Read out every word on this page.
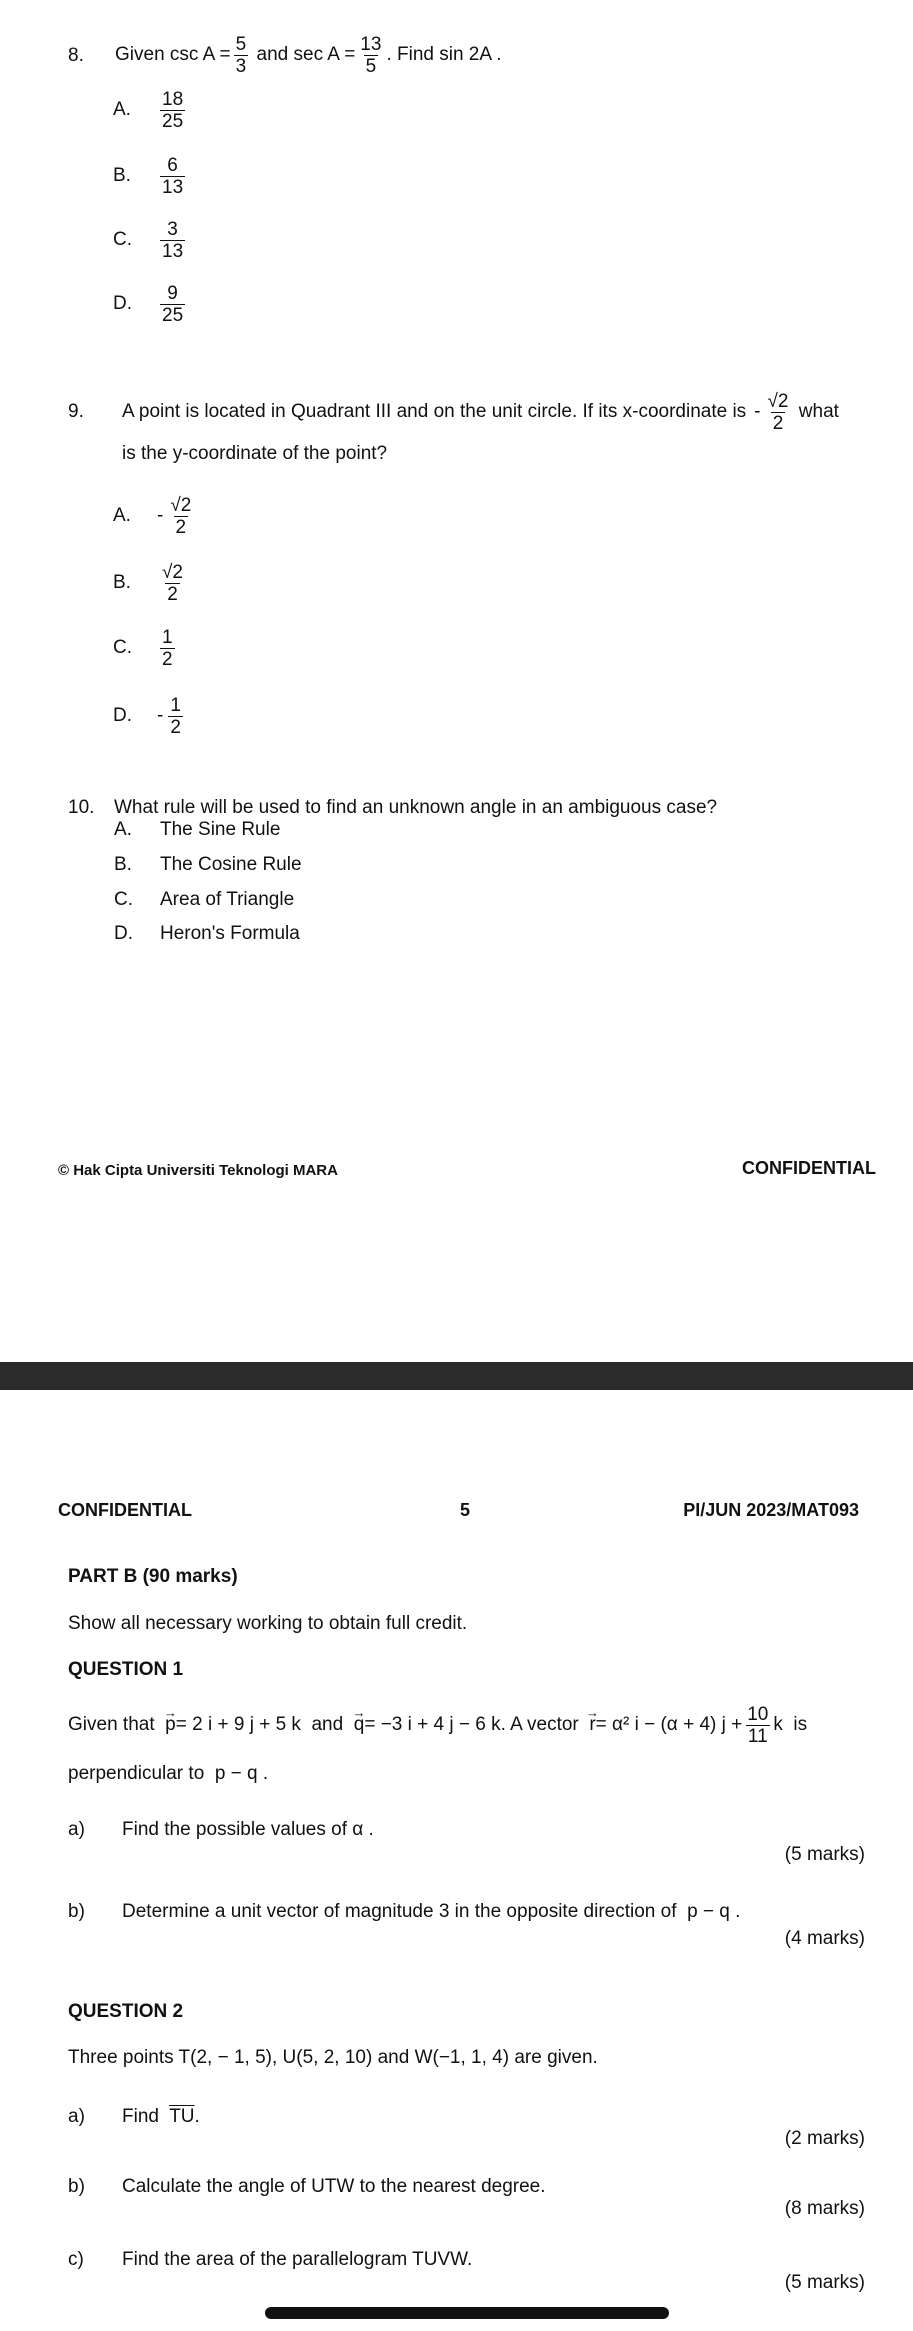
8. Given
$\csc A = \frac{5}{3}$
and
$\sec A = \frac{13}{5}$ . Find sin 2A .
A.	$\frac{18}{25}$
B.	$\frac{6}{13}$
C.	$\frac{3}{13}$
D.	$\frac{9}{25}$
9. A point is located in Quadrant III and on the unit circle. If its x-coordinate is - $\frac{√2}{2}$
what
is the y-coordinate of the point?
A.	- $\frac{√2}{2}$
B.	$\frac{√2}{2}$
C.	$\frac{1}{2}$
D.	- $\frac{1}{2}$
10. What rule will be used to find an unknown angle in an ambiguous case?
A. The Sine Rule
B. The Cosine Rule
C. Area of Triangle
D. Heron's Formula
© Hak Cipta Universiti Teknologi MARA	CONFIDENTIAL
CONFIDENTIAL	5	PI/JUN 2023/MAT093
PART B (90 marks)
Show all necessary working to obtain full credit.
QUESTION 1
Given that
→ p = 2 i + 9 j + 5 k
and
→ q = −3 i + 4 j − 6 k . A vector
→ r = α² i − (α + 4) $j + \frac{10}{11}$ k
is
perpendicular to p − q .
a) Find the possible values of α .
(5 marks)
b) Determine a unit vector of magnitude 3 in the opposite direction of p − q .
(4 marks)
QUESTION 2
Three points T(2, − 1, 5), U(5, 2, 10) and W(−1, 1, 4) are given.
a) Find $\overline{TU}$.
(2 marks)
b) Calculate the angle of UTW to the nearest degree.
(8 marks)
c) Find the area of the parallelogram TUVW.
(5 marks)
